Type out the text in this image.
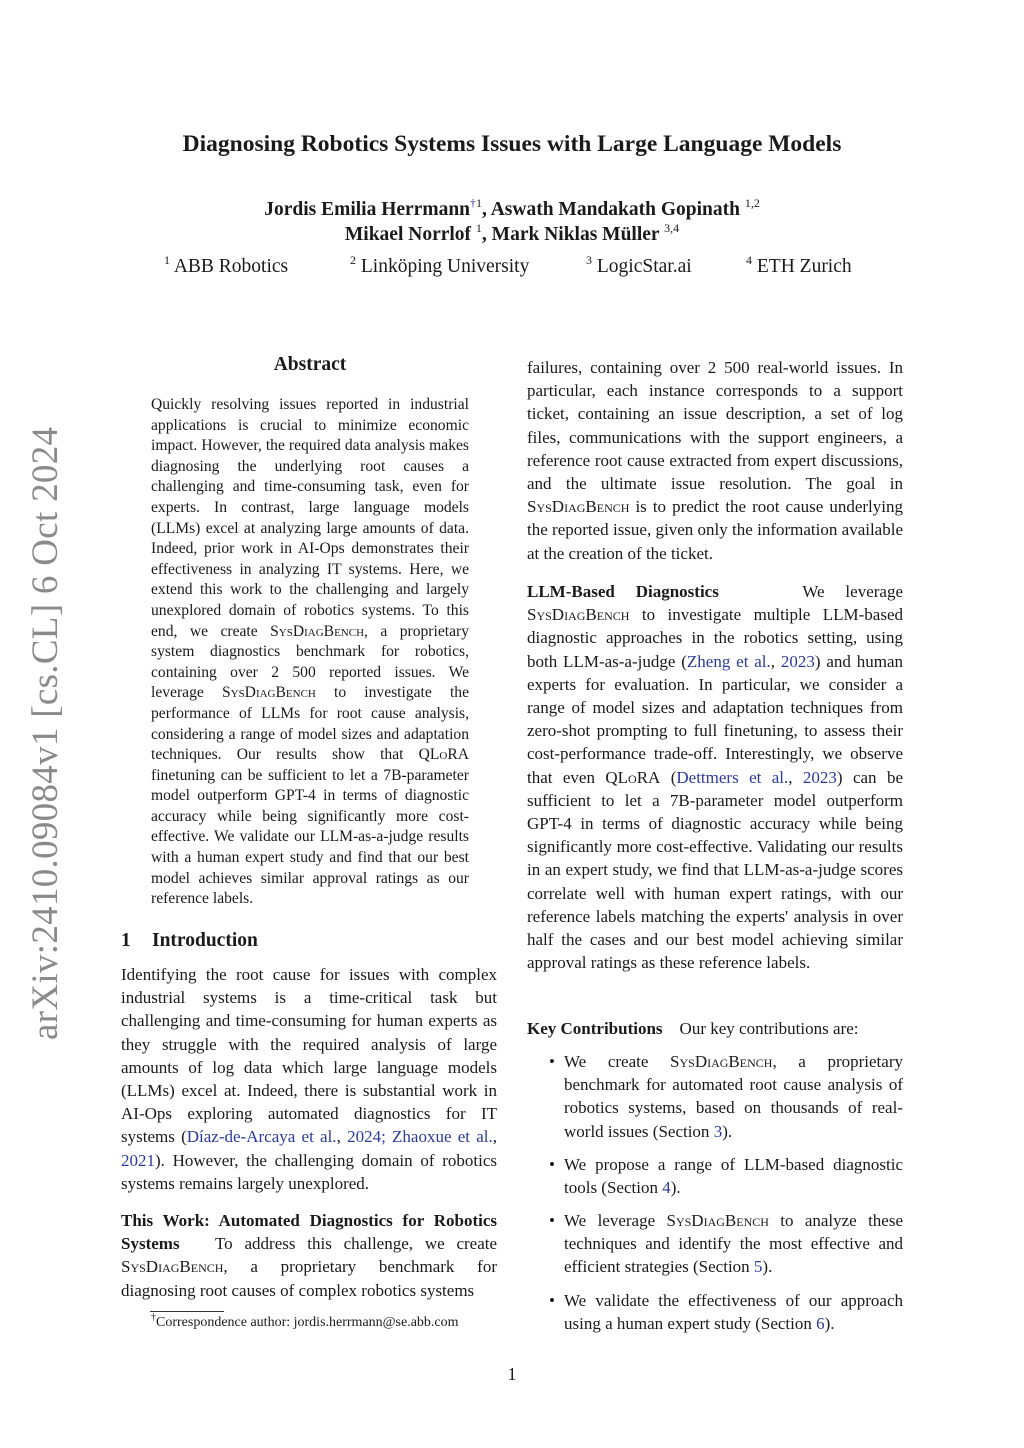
arXiv:2410.09084v1 [cs.CL] 6 Oct 2024
Diagnosing Robotics Systems Issues with Large Language Models
Jordis Emilia Herrmann$^{\dagger 1}$, Aswath Mandakath Gopinath $^{1,2}$
Mikael Norrlof $^1$, Mark Niklas Müller $^{3,4}$
$^1$ ABB Robotics	$^2$ Linköping University	$^3$ LogicStar.ai	$^4$ ETH Zurich
Abstract
Quickly resolving issues reported in industrial applications is crucial to minimize economic impact. However, the required data analysis makes diagnosing the underlying root causes a challenging and time-consuming task, even for experts. In contrast, large language models (LLMs) excel at analyzing large amounts of data. Indeed, prior work in AI-Ops demonstrates their effectiveness in analyzing IT systems. Here, we extend this work to the challenging and largely unexplored domain of robotics systems. To this end, we create SysDiagBench, a proprietary system diagnostics benchmark for robotics, containing over 2 500 reported issues. We leverage SysDiagBench to investigate the performance of LLMs for root cause analysis, considering a range of model sizes and adaptation techniques. Our results show that QLoRA finetuning can be sufficient to let a 7B-parameter model outperform GPT-4 in terms of diagnostic accuracy while being significantly more cost-effective. We validate our LLM-as-a-judge results with a human expert study and find that our best model achieves similar approval ratings as our reference labels.
1 Introduction
Identifying the root cause for issues with complex industrial systems is a time-critical task but challenging and time-consuming for human experts as they struggle with the required analysis of large amounts of log data which large language models (LLMs) excel at. Indeed, there is substantial work in AI-Ops exploring automated diagnostics for IT systems (Díaz-de-Arcaya et al., 2024; Zhaoxue et al., 2021). However, the challenging domain of robotics systems remains largely unexplored.
This Work: Automated Diagnostics for Robotics Systems To address this challenge, we create SysDiagBench, a proprietary benchmark for diagnosing root causes of complex robotics systems
†Correspondence author: jordis.herrmann@se.abb.com
1
failures, containing over 2 500 real-world issues. In particular, each instance corresponds to a support ticket, containing an issue description, a set of log files, communications with the support engineers, a reference root cause extracted from expert discussions, and the ultimate issue resolution. The goal in SysDiagBench is to predict the root cause underlying the reported issue, given only the information available at the creation of the ticket.
LLM-Based Diagnostics	We leverage SysDiagBench to investigate multiple LLM-based diagnostic approaches in the robotics setting, using both LLM-as-a-judge (Zheng et al., 2023) and human experts for evaluation. In particular, we consider a range of model sizes and adaptation techniques from zero-shot prompting to full finetuning, to assess their cost-performance trade-off. Interestingly, we observe that even QLoRA (Dettmers et al., 2023) can be sufficient to let a 7B-parameter model outperform GPT-4 in terms of diagnostic accuracy while being significantly more cost-effective. Validating our results in an expert study, we find that LLM-as-a-judge scores correlate well with human expert ratings, with our reference labels matching the experts' analysis in over half the cases and our best model achieving similar approval ratings as these reference labels.
Key Contributions Our key contributions are:
• We create SysDiagBench, a proprietary benchmark for automated root cause analysis of robotics systems, based on thousands of real-world issues (Section 3).
• We propose a range of LLM-based diagnostic tools (Section 4).
• We leverage SysDiagBench to analyze these techniques and identify the most effective and efficient strategies (Section 5).
• We validate the effectiveness of our approach using a human expert study (Section 6).
